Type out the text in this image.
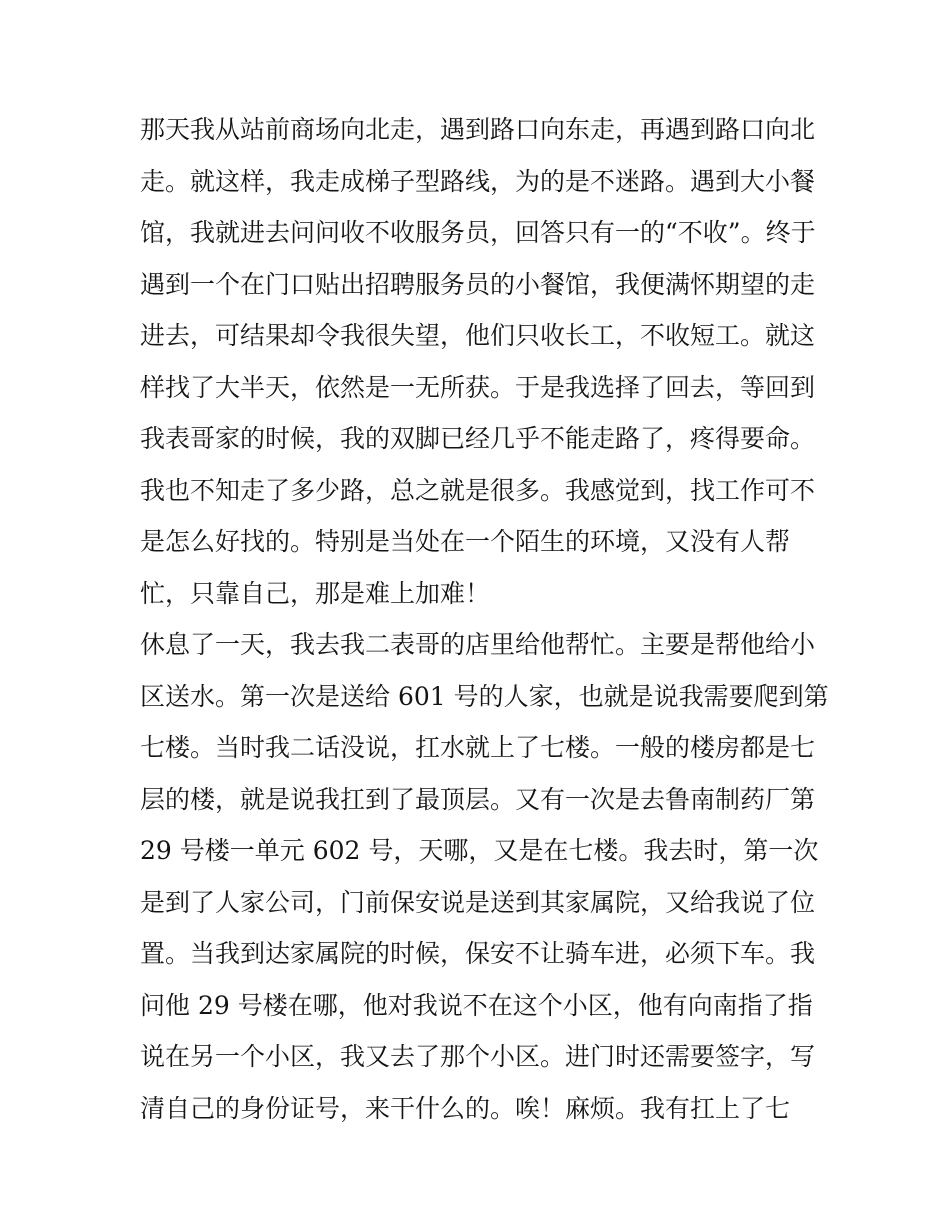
那天我从站前商场向北走，遇到路口向东走，再遇到路口向北
走。就这样，我走成梯子型路线，为的是不迷路。遇到大小餐
馆，我就进去问问收不收服务员，回答只有一的“不收”。终于
遇到一个在门口贴出招聘服务员的小餐馆，我便满怀期望的走
进去，可结果却令我很失望，他们只收长工，不收短工。就这
样找了大半天，依然是一无所获。于是我选择了回去，等回到
我表哥家的时候，我的双脚已经几乎不能走路了，疼得要命。
我也不知走了多少路，总之就是很多。我感觉到，找工作可不
是怎么好找的。特别是当处在一个陌生的环境，又没有人帮
忙，只靠自己，那是难上加难！
休息了一天，我去我二表哥的店里给他帮忙。主要是帮他给小
区送水。第一次是送给 601 号的人家，也就是说我需要爬到第
七楼。当时我二话没说，扛水就上了七楼。一般的楼房都是七
层的楼，就是说我扛到了最顶层。又有一次是去鲁南制药厂第
29 号楼一单元 602 号，天哪，又是在七楼。我去时，第一次
是到了人家公司，门前保安说是送到其家属院，又给我说了位
置。当我到达家属院的时候，保安不让骑车进，必须下车。我
问他 29 号楼在哪，他对我说不在这个小区，他有向南指了指
说在另一个小区，我又去了那个小区。进门时还需要签字，写
清自己的身份证号，来干什么的。唉！麻烦。我有扛上了七
